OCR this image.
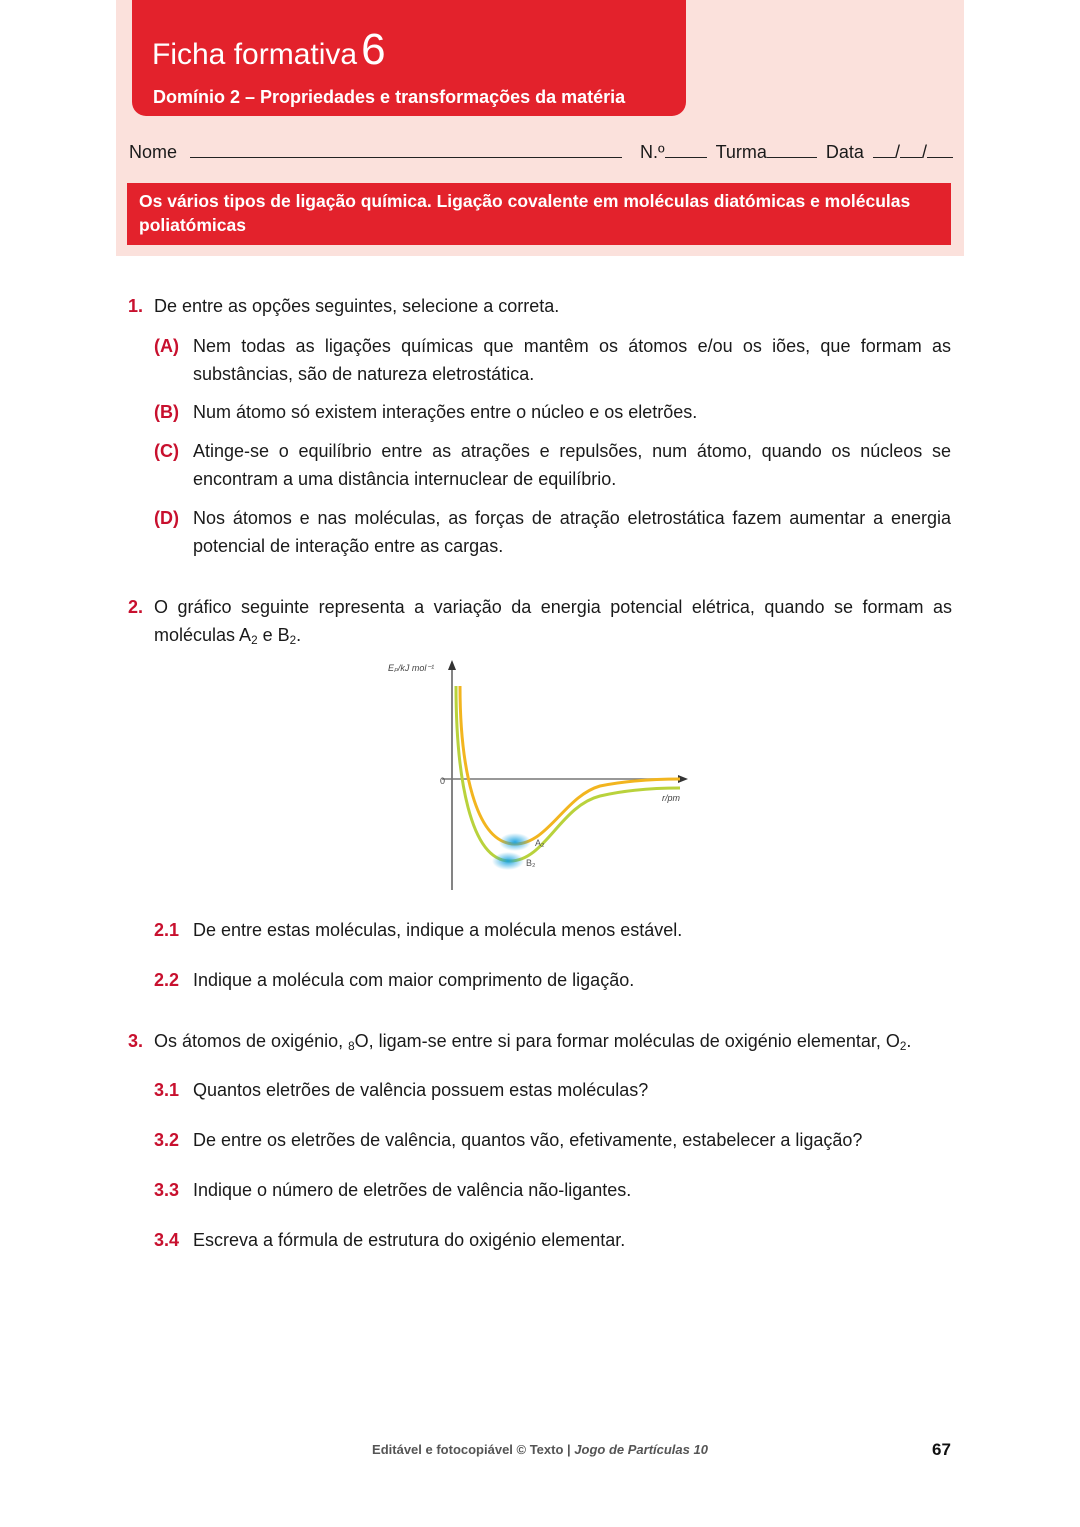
Ficha formativa6
Domínio 2 – Propriedades e transformações da matéria
Nome	N.º	Turma	Data / /
Os vários tipos de ligação química. Ligação covalente em moléculas diatómicas e moléculas poliatómicas
1. De entre as opções seguintes, selecione a correta.
(A) Nem todas as ligações químicas que mantêm os átomos e/ou os iões, que formam as substâncias, são de natureza eletrostática.
(B) Num átomo só existem interações entre o núcleo e os eletrões.
(C) Atinge-se o equilíbrio entre as atrações e repulsões, num átomo, quando os núcleos se encontram a uma distância internuclear de equilíbrio.
(D) Nos átomos e nas moléculas, as forças de atração eletrostática fazem aumentar a energia potencial de interação entre as cargas.
2. O gráfico seguinte representa a variação da energia potencial elétrica, quando se formam as moléculas $A_2$ e $B_2$.
Eₚ/kJ mol⁻¹
0
r/pm
A₂
B₂
2.1 De entre estas moléculas, indique a molécula menos estável.
2.2 Indique a molécula com maior comprimento de ligação.
3. Os átomos de oxigénio, $_8$O, ligam-se entre si para formar moléculas de oxigénio elementar, $O_2$.
3.1 Quantos eletrões de valência possuem estas moléculas?
3.2 De entre os eletrões de valência, quantos vão, efetivamente, estabelecer a ligação?
3.3 Indique o número de eletrões de valência não-ligantes.
3.4 Escreva a fórmula de estrutura do oxigénio elementar.
Editável e fotocopiável © Texto | Jogo de Partículas 10	67
